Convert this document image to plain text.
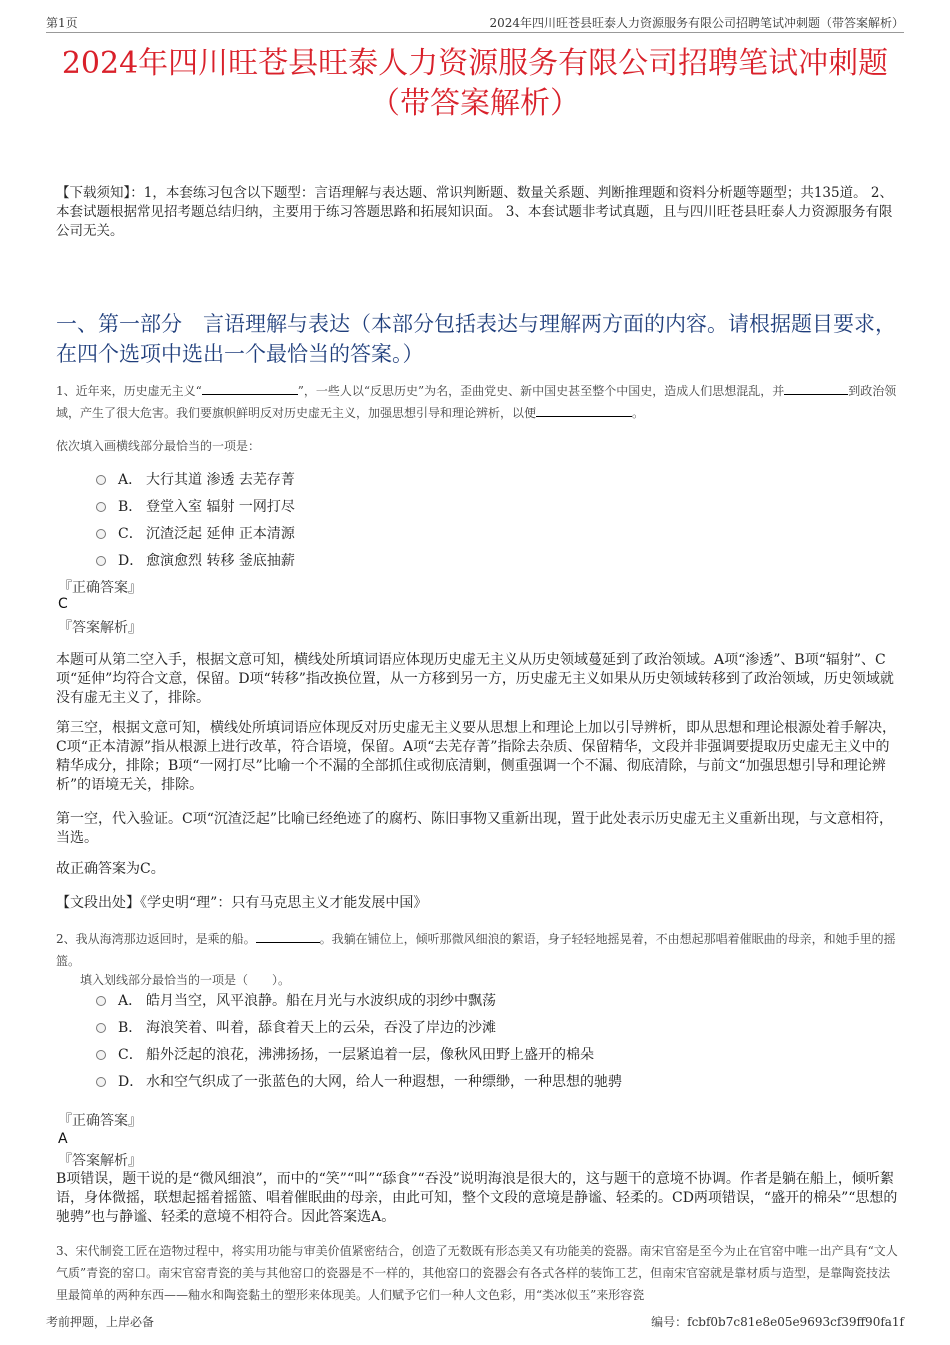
第1页	2024年四川旺苍县旺泰人力资源服务有限公司招聘笔试冲刺题（带答案解析）
2024年四川旺苍县旺泰人力资源服务有限公司招聘笔试冲刺题
（带答案解析）
【下载须知】：1，本套练习包含以下题型：言语理解与表达题、常识判断题、数量关系题、判断推理题和资料分析题等题型；共135道。 2、本套试题根据常见招考题总结归纳，主要用于练习答题思路和拓展知识面。 3、本套试题非考试真题，且与四川旺苍县旺泰人力资源服务有限公司无关。
一、第一部分　言语理解与表达（本部分包括表达与理解两方面的内容。请根据题目要求，在四个选项中选出一个最恰当的答案。）
1、近年来，历史虚无主义“	”，一些人以“反思历史”为名，歪曲党史、新中国史甚至整个中国史，造成人们思想混乱，并	到政治领域，产生了很大危害。我们要旗帜鲜明反对历史虚无主义，加强思想引导和理论辨析，以便	。
依次填入画横线部分最恰当的一项是：
A． 大行其道 渗透 去芜存菁
B． 登堂入室 辐射 一网打尽
C． 沉渣泛起 延伸 正本清源
D． 愈演愈烈 转移 釜底抽薪
『正确答案』
C
『答案解析』

本题可从第二空入手，根据文意可知，横线处所填词语应体现历史虚无主义从历史领域蔓延到了政治领域。A项“渗透”、B项“辐射”、C项“延伸”均符合文意，保留。D项“转移”指改换位置，从一方移到另一方，历史虚无主义如果从历史领域转移到了政治领域，历史领域就没有虚无主义了，排除。

第三空，根据文意可知，横线处所填词语应体现反对历史虚无主义要从思想上和理论上加以引导辨析，即从思想和理论根源处着手解决，C项“正本清源”指从根源上进行改革，符合语境，保留。A项“去芜存菁”指除去杂质、保留精华，文段并非强调要提取历史虚无主义中的精华成分，排除；B项“一网打尽”比喻一个不漏的全部抓住或彻底清剿，侧重强调一个不漏、彻底清除，与前文“加强思想引导和理论辨析”的语境无关，排除。

第一空，代入验证。C项“沉渣泛起”比喻已经绝迹了的腐朽、陈旧事物又重新出现，置于此处表示历史虚无主义重新出现，与文意相符，当选。

故正确答案为C。

【文段出处】《学史明“理”：只有马克思主义才能发展中国》

2、我从海湾那边返回时，是乘的船。	。我躺在铺位上，倾听那微风细浪的絮语，身子轻轻地摇晃着，不由想起那唱着催眠曲的母亲，和她手里的摇篮。
填入划线部分最恰当的一项是（　　）。
A． 皓月当空，风平浪静。船在月光与水波织成的羽纱中飘荡
B． 海浪笑着、叫着，舔食着天上的云朵，吞没了岸边的沙滩
C． 船外泛起的浪花，沸沸扬扬，一层紧追着一层，像秋风田野上盛开的棉朵
D． 水和空气织成了一张蓝色的大网，给人一种遐想，一种缥缈，一种思想的驰骋
『正确答案』
A
『答案解析』

B项错误，题干说的是“微风细浪”，而中的“笑”“叫”“舔食”“吞没”说明海浪是很大的，这与题干的意境不协调。作者是躺在船上，倾听絮语，身体微摇，联想起摇着摇篮、唱着催眠曲的母亲，由此可知，整个文段的意境是静谧、轻柔的。CD两项错误，“盛开的棉朵”“思想的驰骋”也与静谧、轻柔的意境不相符合。因此答案选A。

3、宋代制瓷工匠在造物过程中，将实用功能与审美价值紧密结合，创造了无数既有形态美又有功能美的瓷器。南宋官窑是至今为止在官窑中唯一出产具有“文人气质”青瓷的窑口。南宋官窑青瓷的美与其他窑口的瓷器是不一样的，其他窑口的瓷器会有各式各样的装饰工艺，但南宋官窑就是靠材质与造型，是靠陶瓷技法里最简单的两种东西——釉水和陶瓷黏土的塑形来体现美。人们赋予它们一种人文色彩，用“类冰似玉”来形容瓷
考前押题，上岸必备	编号：fcbf0b7c81e8e05e9693cf39ff90fa1f
